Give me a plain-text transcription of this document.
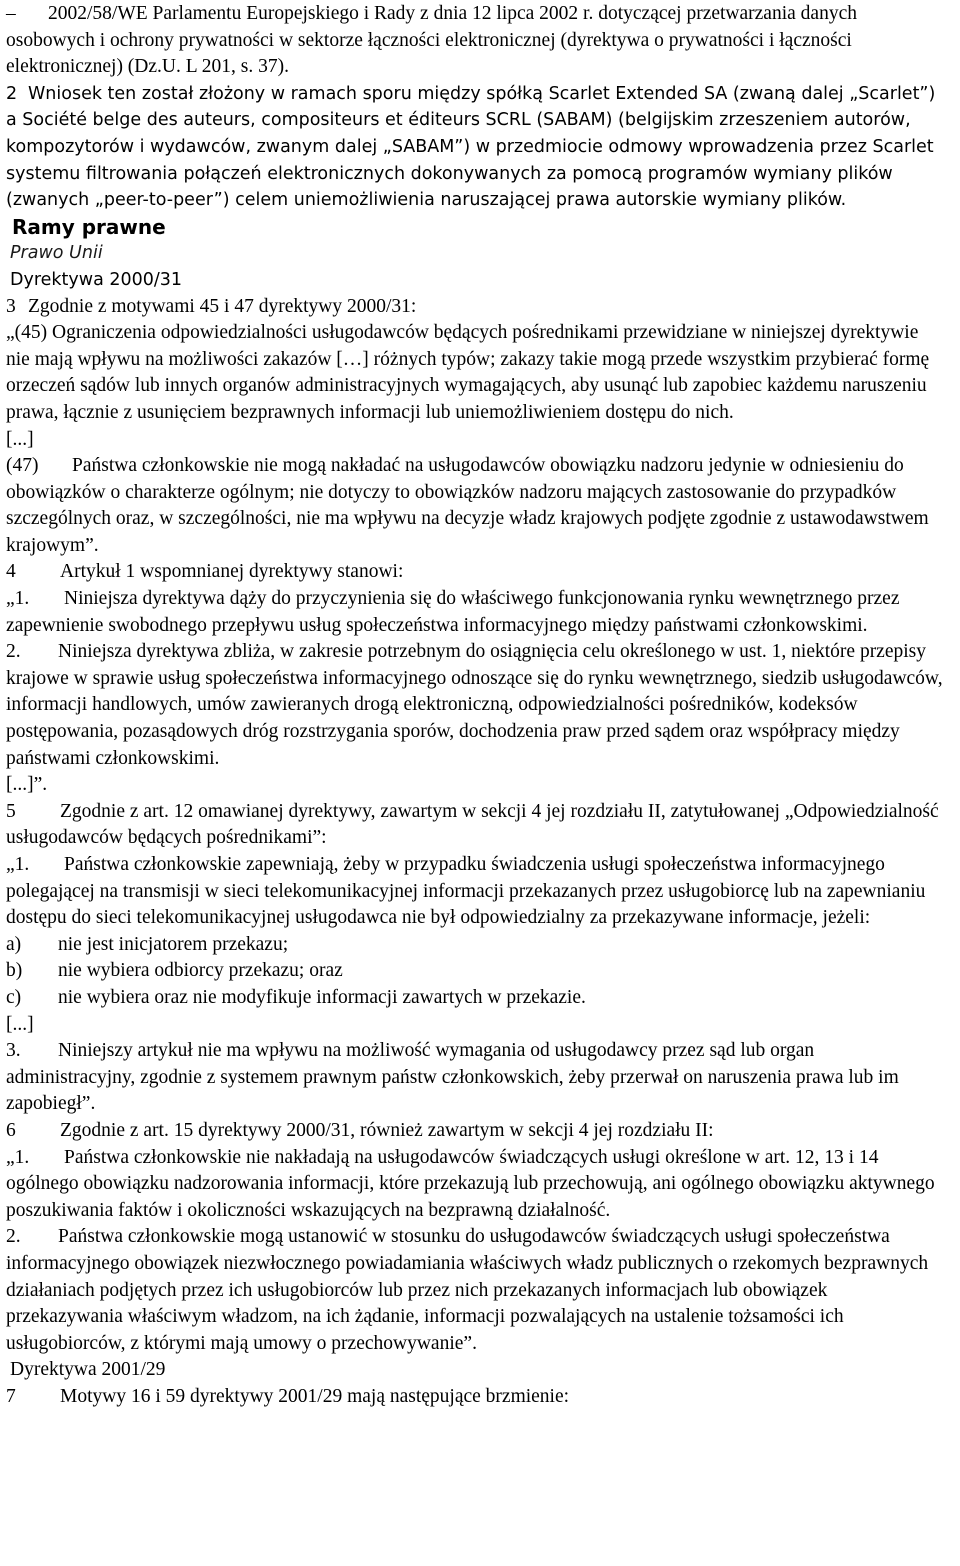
– 2002/58/WE Parlamentu Europejskiego i Rady z dnia 12 lipca 2002 r. dotyczącej przetwarzania danych osobowych i ochrony prywatności w sektorze łączności elektronicznej (dyrektywa o prywatności i łączności elektronicznej) (Dz.U. L 201, s. 37).

2 Wniosek ten został złożony w ramach sporu między spółką Scarlet Extended SA (zwaną dalej „Scarlet”) a Société belge des auteurs, compositeurs et éditeurs SCRL (SABAM) (belgijskim zrzeszeniem autorów, kompozytorów i wydawców, zwanym dalej „SABAM”) w przedmiocie odmowy wprowadzenia przez Scarlet systemu filtrowania połączeń elektronicznych dokonywanych za pomocą programów wymiany plików (zwanych „peer-to-peer”) celem uniemożliwienia naruszającej prawa autorskie wymiany plików.

Ramy prawne

Prawo Unii

Dyrektywa 2000/31

3 Zgodnie z motywami 45 i 47 dyrektywy 2000/31:

„(45) Ograniczenia odpowiedzialności usługodawców będących pośrednikami przewidziane w niniejszej dyrektywie nie mają wpływu na możliwości zakazów […] różnych typów; zakazy takie mogą przede wszystkim przybierać formę orzeczeń sądów lub innych organów administracyjnych wymagających, aby usunąć lub zapobiec każdemu naruszeniu prawa, łącznie z usunięciem bezprawnych informacji lub uniemożliwieniem dostępu do nich.

[...]

(47) Państwa członkowskie nie mogą nakładać na usługodawców obowiązku nadzoru jedynie w odniesieniu do obowiązków o charakterze ogólnym; nie dotyczy to obowiązków nadzoru mających zastosowanie do przypadków szczególnych oraz, w szczególności, nie ma wpływu na decyzje władz krajowych podjęte zgodnie z ustawodawstwem krajowym”.

4 Artykuł 1 wspomnianej dyrektywy stanowi:

„1. Niniejsza dyrektywa dąży do przyczynienia się do właściwego funkcjonowania rynku wewnętrznego przez zapewnienie swobodnego przepływu usług społeczeństwa informacyjnego między państwami członkowskimi.

2. Niniejsza dyrektywa zbliża, w zakresie potrzebnym do osiągnięcia celu określonego w ust. 1, niektóre przepisy krajowe w sprawie usług społeczeństwa informacyjnego odnoszące się do rynku wewnętrznego, siedzib usługodawców, informacji handlowych, umów zawieranych drogą elektroniczną, odpowiedzialności pośredników, kodeksów postępowania, pozasądowych dróg rozstrzygania sporów, dochodzenia praw przed sądem oraz współpracy między państwami członkowskimi.

[...]”.

5 Zgodnie z art. 12 omawianej dyrektywy, zawartym w sekcji 4 jej rozdziału II, zatytułowanej „Odpowiedzialność usługodawców będących pośrednikami”:

„1. Państwa członkowskie zapewniają, żeby w przypadku świadczenia usługi społeczeństwa informacyjnego polegającej na transmisji w sieci telekomunikacyjnej informacji przekazanych przez usługobiorcę lub na zapewnianiu dostępu do sieci telekomunikacyjnej usługodawca nie był odpowiedzialny za przekazywane informacje, jeżeli:

a) nie jest inicjatorem przekazu;

b) nie wybiera odbiorcy przekazu; oraz

c) nie wybiera oraz nie modyfikuje informacji zawartych w przekazie.

[...]

3. Niniejszy artykuł nie ma wpływu na możliwość wymagania od usługodawcy przez sąd lub organ administracyjny, zgodnie z systemem prawnym państw członkowskich, żeby przerwał on naruszenia prawa lub im zapobiegł”.

6 Zgodnie z art. 15 dyrektywy 2000/31, również zawartym w sekcji 4 jej rozdziału II:

„1. Państwa członkowskie nie nakładają na usługodawców świadczących usługi określone w art. 12, 13 i 14 ogólnego obowiązku nadzorowania informacji, które przekazują lub przechowują, ani ogólnego obowiązku aktywnego poszukiwania faktów i okoliczności wskazujących na bezprawną działalność.

2. Państwa członkowskie mogą ustanowić w stosunku do usługodawców świadczących usługi społeczeństwa informacyjnego obowiązek niezwłocznego powiadamiania właściwych władz publicznych o rzekomych bezprawnych działaniach podjętych przez ich usługobiorców lub przez nich przekazanych informacjach lub obowiązek przekazywania właściwym władzom, na ich żądanie, informacji pozwalających na ustalenie tożsamości ich usługobiorców, z którymi mają umowy o przechowywanie”.

Dyrektywa 2001/29

7 Motywy 16 i 59 dyrektywy 2001/29 mają następujące brzmienie:
